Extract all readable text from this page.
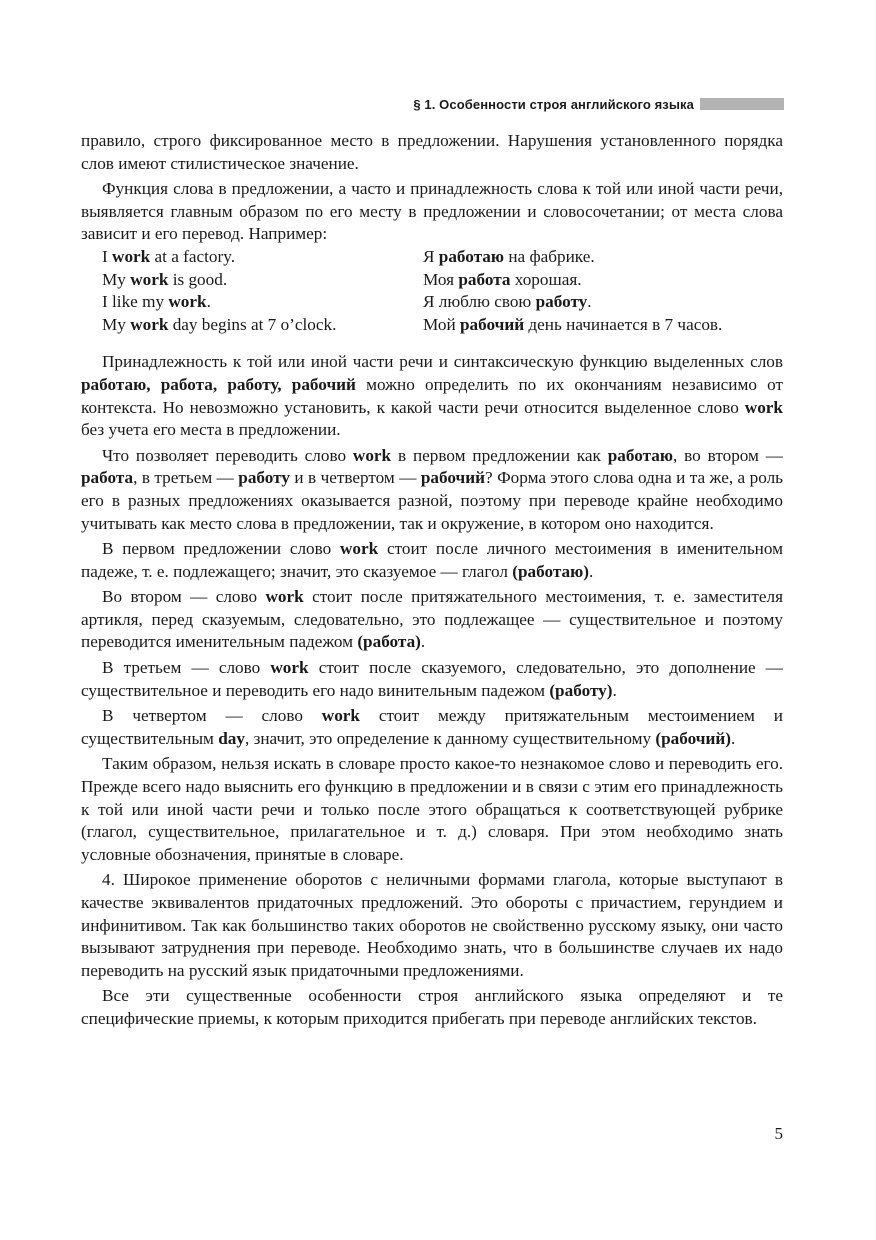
§ 1. Особенности строя английского языка

правило, строго фиксированное место в предложении. Нарушения установленного порядка слов имеют стилистическое значение.

Функция слова в предложении, а часто и принадлежность слова к той или иной части речи, выявляется главным образом по его месту в предложении и словосочетании; от места слова зависит и его перевод. Например:

I work at a factory.	Я работаю на фабрике.
My work is good.	Моя работа хорошая.
I like my work.	Я люблю свою работу.
My work day begins at 7 o’clock.	Мой рабочий день начинается в 7 часов.

Принадлежность к той или иной части речи и синтаксическую функцию выделенных слов работаю, работа, работу, рабочий можно определить по их окончаниям независимо от контекста. Но невозможно установить, к какой части речи относится выделенное слово work без учета его места в предложении.

Что позволяет переводить слово work в первом предложении как работаю, во втором — работа, в третьем — работу и в четвертом — рабочий? Форма этого слова одна и та же, а роль его в разных предложениях оказывается разной, поэтому при переводе крайне необходимо учитывать как место слова в предложении, так и окружение, в котором оно находится.

В первом предложении слово work стоит после личного местоимения в именительном падеже, т. е. подлежащего; значит, это сказуемое — глагол (работаю).

Во втором — слово work стоит после притяжательного местоимения, т. е. заместителя артикля, перед сказуемым, следовательно, это подлежащее — существительное и поэтому переводится именительным падежом (работа).

В третьем — слово work стоит после сказуемого, следовательно, это дополнение — существительное и переводить его надо винительным падежом (работу).

В четвертом — слово work стоит между притяжательным местоимением и существительным day, значит, это определение к данному существительному (рабочий).

Таким образом, нельзя искать в словаре просто какое-то незнакомое слово и переводить его. Прежде всего надо выяснить его функцию в предложении и в связи с этим его принадлежность к той или иной части речи и только после этого обращаться к соответствующей рубрике (глагол, существительное, прилагательное и т. д.) словаря. При этом необходимо знать условные обозначения, принятые в словаре.

4. Широкое применение оборотов с неличными формами глагола, которые выступают в качестве эквивалентов придаточных предложений. Это обороты с причастием, герундием и инфинитивом. Так как большинство таких оборотов не свойственно русскому языку, они часто вызывают затруднения при переводе. Необходимо знать, что в большинстве случаев их надо переводить на русский язык придаточными предложениями.

Все эти существенные особенности строя английского языка определяют и те специфические приемы, к которым приходится прибегать при переводе английских текстов.

5
